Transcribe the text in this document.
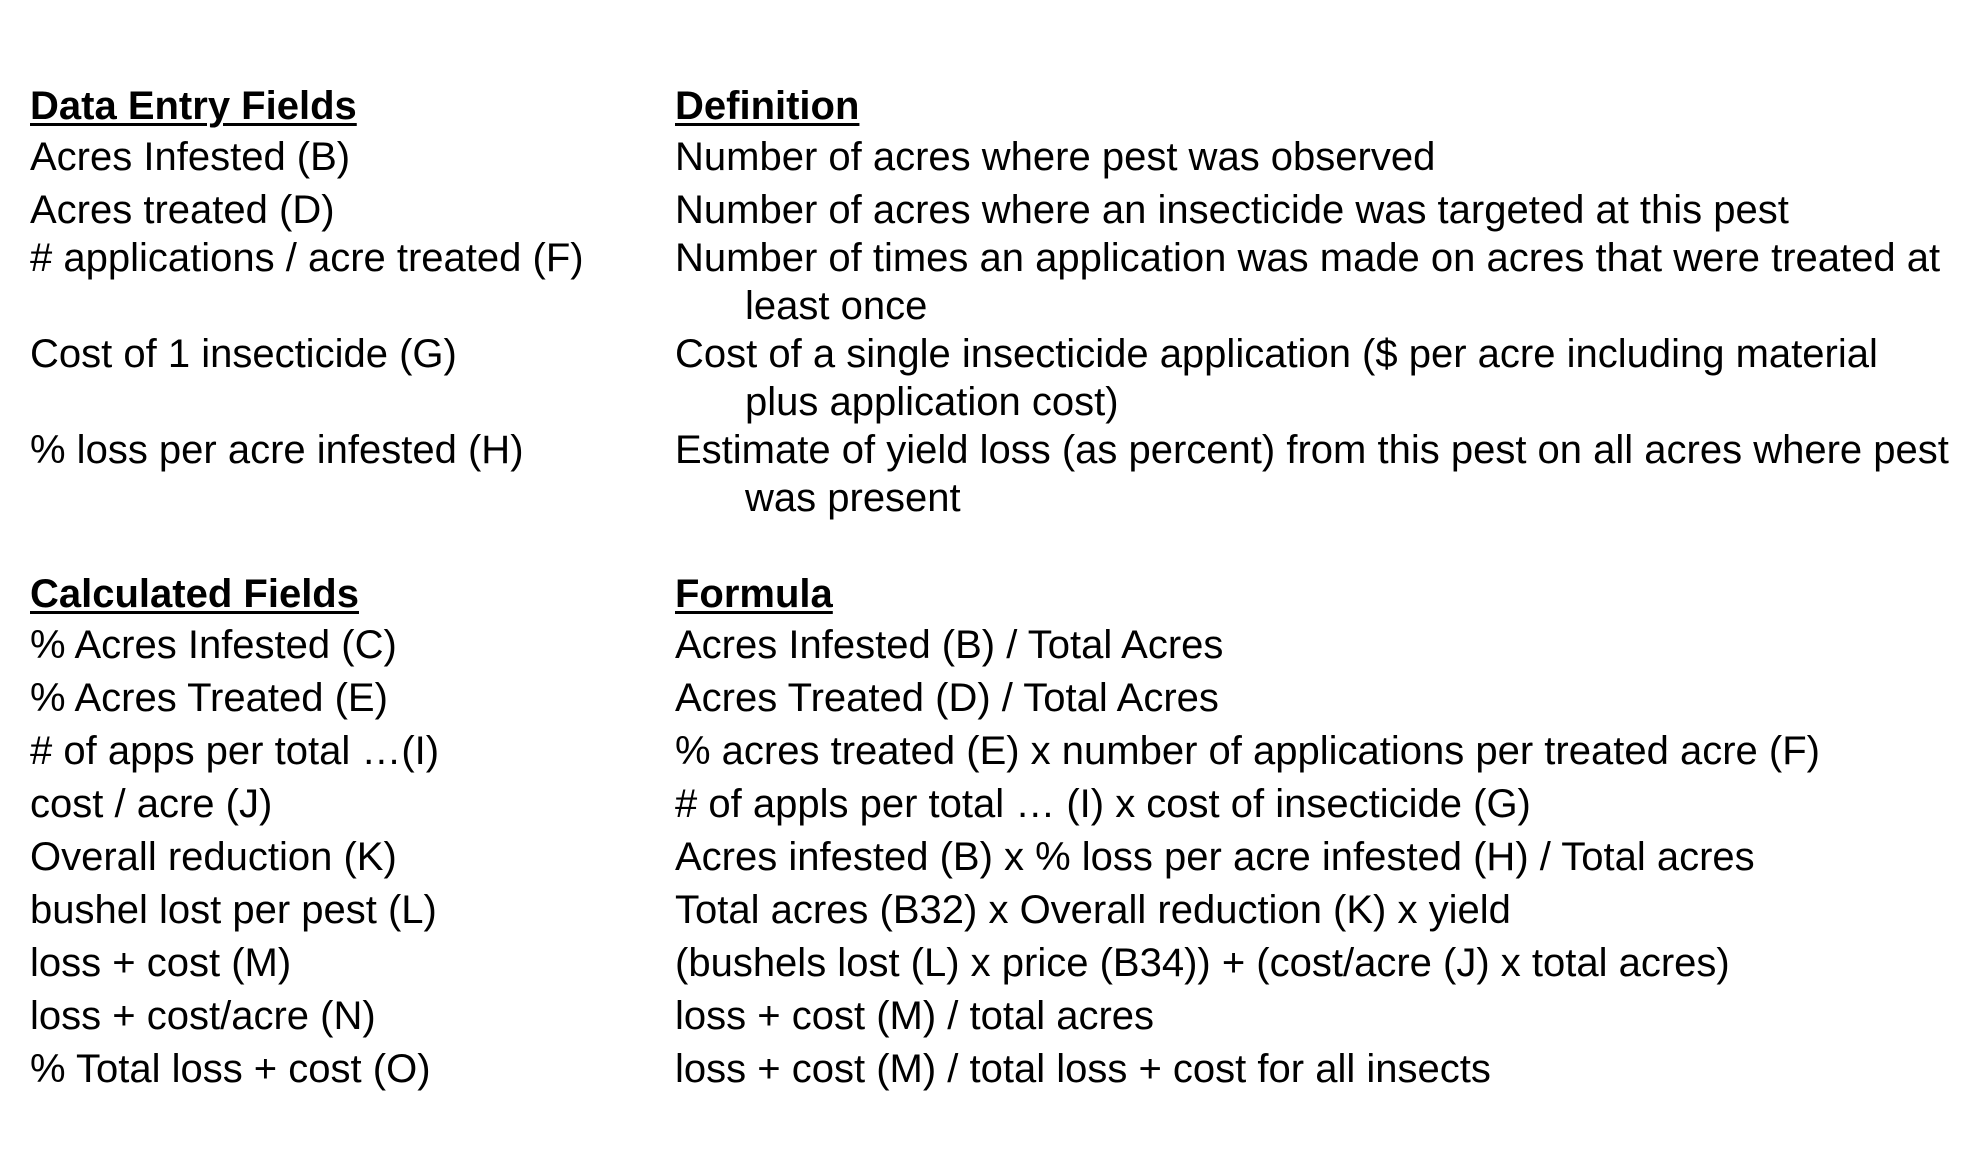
Data Entry Fields	Definition
Acres Infested (B)	Number of acres where pest was observed
Acres treated (D)	Number of acres where an insecticide was targeted at this pest
# applications / acre treated (F)	Number of times an application was made on acres that were treated at least once
Cost of 1 insecticide (G)	Cost of a single insecticide application ($ per acre including material plus application cost)
% loss per acre infested (H)	Estimate of yield loss (as percent) from this pest on all acres where pest was present
Calculated Fields	Formula
% Acres Infested (C)	Acres Infested (B) / Total Acres
% Acres Treated (E)	Acres Treated (D) / Total Acres
# of apps per total …(I)	% acres treated (E) x number of applications per treated acre (F)
cost / acre (J)	# of appls per total … (I) x cost of insecticide (G)
Overall reduction (K)	Acres infested (B) x % loss per acre infested (H) / Total acres
bushel lost per pest (L)	Total acres (B32) x Overall reduction (K) x yield
loss + cost (M)	(bushels lost (L) x price (B34)) + (cost/acre (J) x total acres)
loss + cost/acre (N)	loss + cost (M) / total acres
% Total loss + cost (O)	loss + cost (M) / total loss + cost for all insects
